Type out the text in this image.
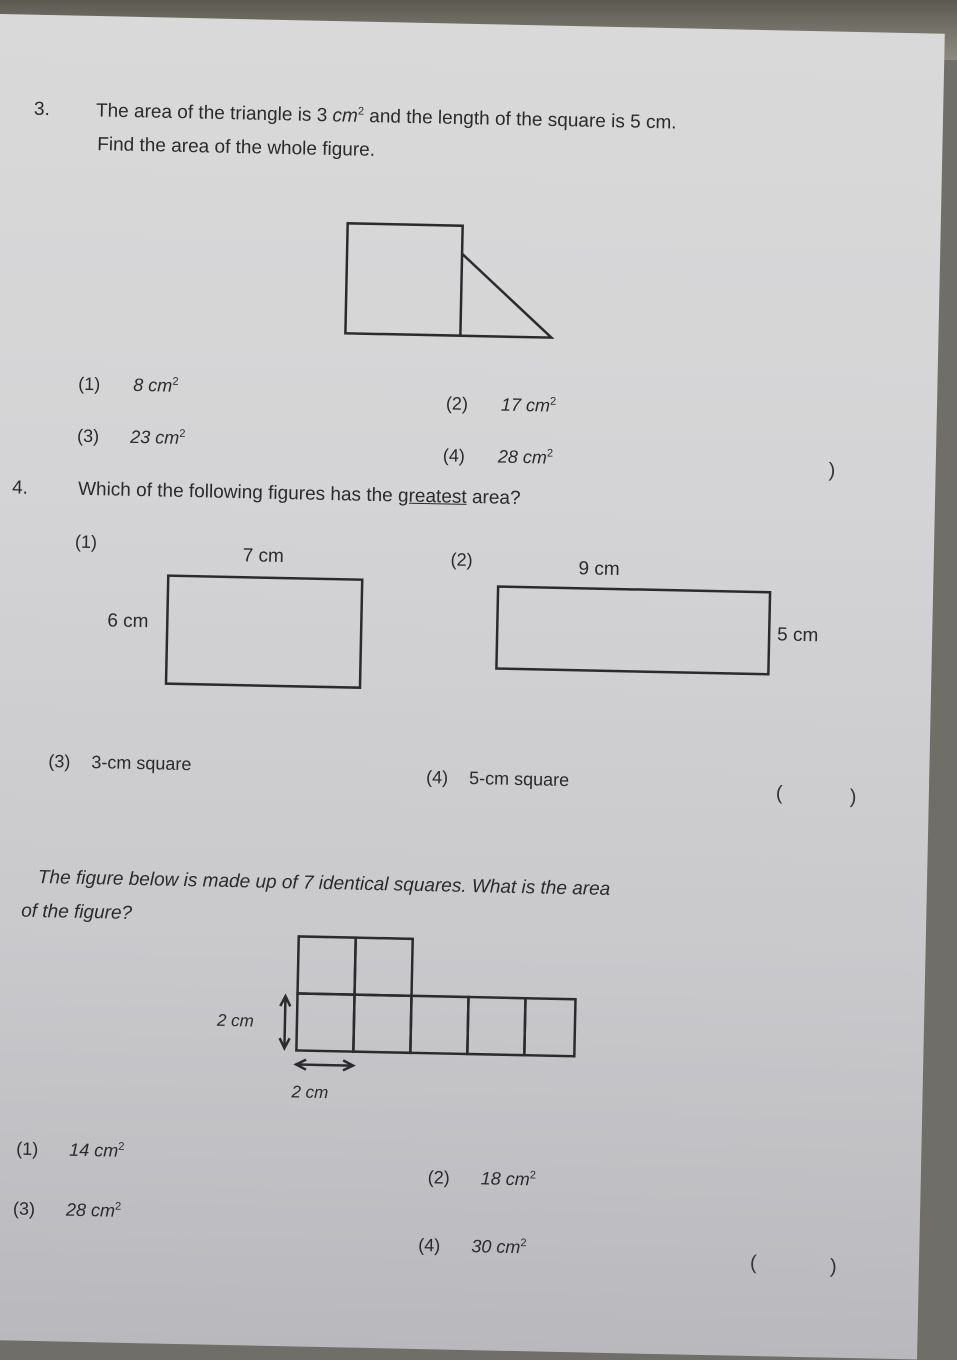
3. The area of the triangle is 3 $cm^2$ and the length of the square is 5 cm.
Find the area of the whole figure.
(1) 8 $cm^2$
(2) 17 $cm^2$
(3) 23 $cm^2$
(4) 28 $cm^2$
)
4.	Which of the following figures has the greatest area?
(1)
7 cm
6 cm
(2)	9 cm
5 cm
(3) 3-cm square
(4) 5-cm square
(	)
The figure below is made up of 7 identical squares. What is the area
of the figure?
2 cm
2 cm
(1) 14 $cm^2$
(2) 18 $cm^2$
(3) 28 $cm^2$
(4) 30 $cm^2$
(	)
